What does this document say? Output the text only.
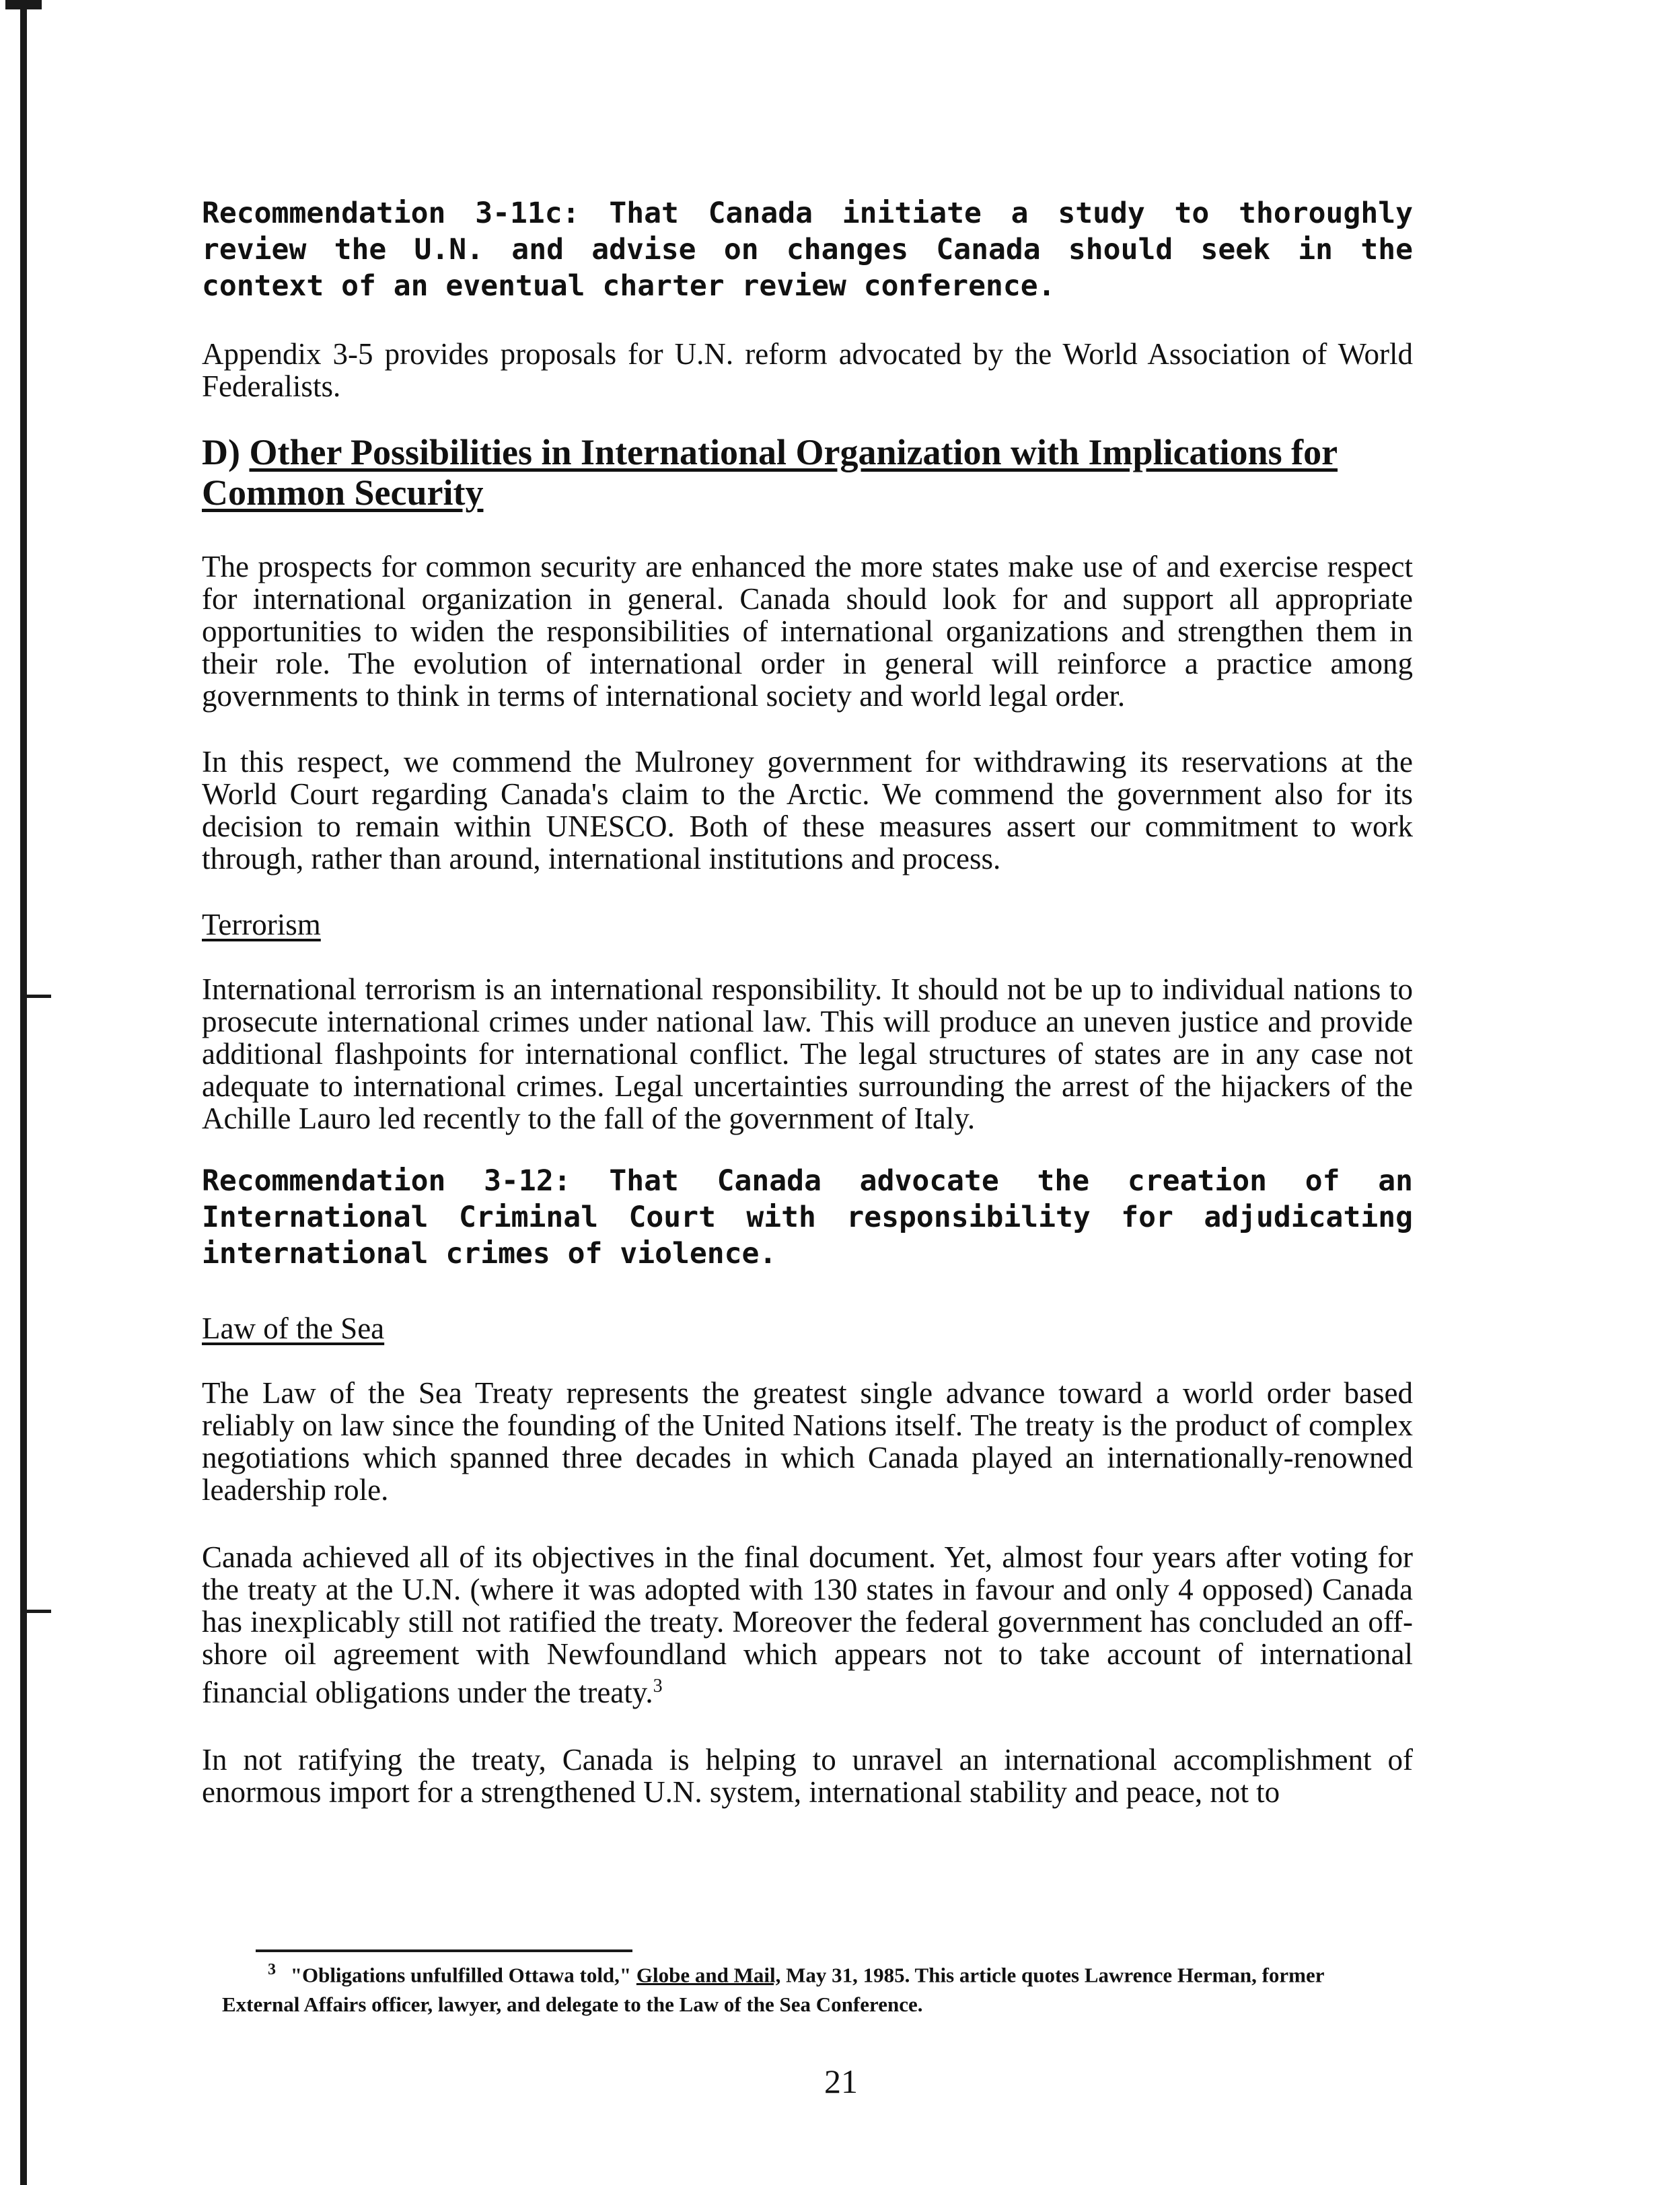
Recommendation 3-11c: That Canada initiate a study to thoroughly review the U.N. and advise on changes Canada should seek in the context of an eventual charter review conference.

Appendix 3-5 provides proposals for U.N. reform advocated by the World Association of World Federalists.

D) Other Possibilities in International Organization with Implications for Common Security

The prospects for common security are enhanced the more states make use of and exercise respect for international organization in general. Canada should look for and support all appropriate opportunities to widen the responsibilities of international organizations and strengthen them in their role. The evolution of international order in general will reinforce a practice among governments to think in terms of international society and world legal order.

In this respect, we commend the Mulroney government for withdrawing its reservations at the World Court regarding Canada's claim to the Arctic. We commend the government also for its decision to remain within UNESCO. Both of these measures assert our commitment to work through, rather than around, international institutions and process.

Terrorism

International terrorism is an international responsibility. It should not be up to individual nations to prosecute international crimes under national law. This will produce an uneven justice and provide additional flashpoints for international conflict. The legal structures of states are in any case not adequate to international crimes. Legal uncertainties surrounding the arrest of the hijackers of the Achille Lauro led recently to the fall of the government of Italy.

Recommendation 3-12: That Canada advocate the creation of an International Criminal Court with responsibility for adjudicating international crimes of violence.

Law of the Sea

The Law of the Sea Treaty represents the greatest single advance toward a world order based reliably on law since the founding of the United Nations itself. The treaty is the product of complex negotiations which spanned three decades in which Canada played an internationally-renowned leadership role.

Canada achieved all of its objectives in the final document. Yet, almost four years after voting for the treaty at the U.N. (where it was adopted with 130 states in favour and only 4 opposed) Canada has inexplicably still not ratified the treaty. Moreover the federal government has concluded an off-shore oil agreement with Newfoundland which appears not to take account of international financial obligations under the treaty.$^3$

In not ratifying the treaty, Canada is helping to unravel an international accomplishment of enormous import for a strengthened U.N. system, international stability and peace, not to

$^3$ "Obligations unfulfilled Ottawa told," Globe and Mail, May 31, 1985. This article quotes Lawrence Herman, former External Affairs officer, lawyer, and delegate to the Law of the Sea Conference.

21
